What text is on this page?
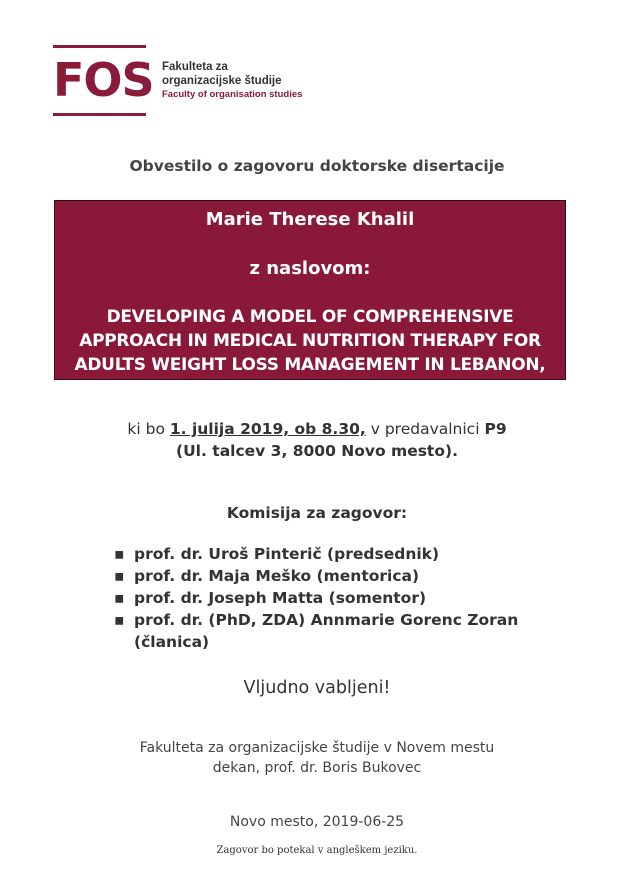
FOS Fakulteta za
organizacijske študije
Faculty of organisation studies
Obvestilo o zagovoru doktorske disertacije
Marie Therese Khalil
z naslovom:
DEVELOPING A MODEL OF COMPREHENSIVE
APPROACH IN MEDICAL NUTRITION THERAPY FOR
ADULTS WEIGHT LOSS MANAGEMENT IN LEBANON,
ki bo 1. julija 2019, ob 8.30, v predavalnici P9
(Ul. talcev 3, 8000 Novo mesto).
Komisija za zagovor:
▪ prof. dr. Uroš Pinterič (predsednik)
▪ prof. dr. Maja Meško (mentorica)
▪ prof. dr. Joseph Matta (somentor)
▪ prof. dr. (PhD, ZDA) Annmarie Gorenc Zoran (članica)
Vljudno vabljeni!
Fakulteta za organizacijske študije v Novem mestu
dekan, prof. dr. Boris Bukovec
Novo mesto, 2019-06-25
Zagovor bo potekal v angleškem jeziku.
